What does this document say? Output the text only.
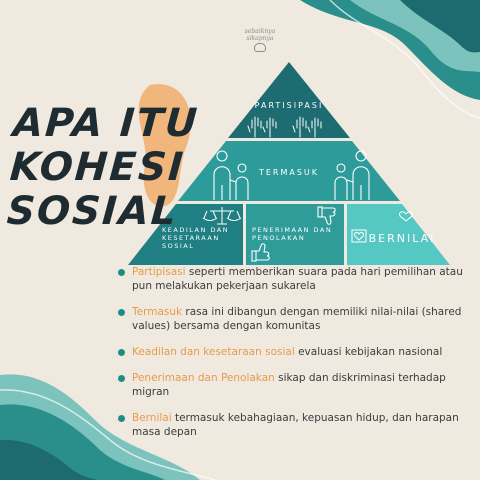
sebaiknya
sikapnya
APA ITU
KOHESI
SOSIAL
PARTISIPASI
TERMASUK
KEADILAN DAN KESETARAAN SOSIAL
PENERIMAAN DAN PENOLAKAN	BERNILAI
Partipisasi seperti memberikan suara pada hari pemilihan atau pun melakukan pekerjaan sukarela
Termasuk rasa ini dibangun dengan memiliki nilai-nilai (shared values) bersama dengan komunitas
Keadilan dan kesetaraan sosial evaluasi kebijakan nasional
Penerimaan dan Penolakan sikap dan diskriminasi terhadap migran
Bernilai termasuk kebahagiaan, kepuasan hidup, dan harapan masa depan
